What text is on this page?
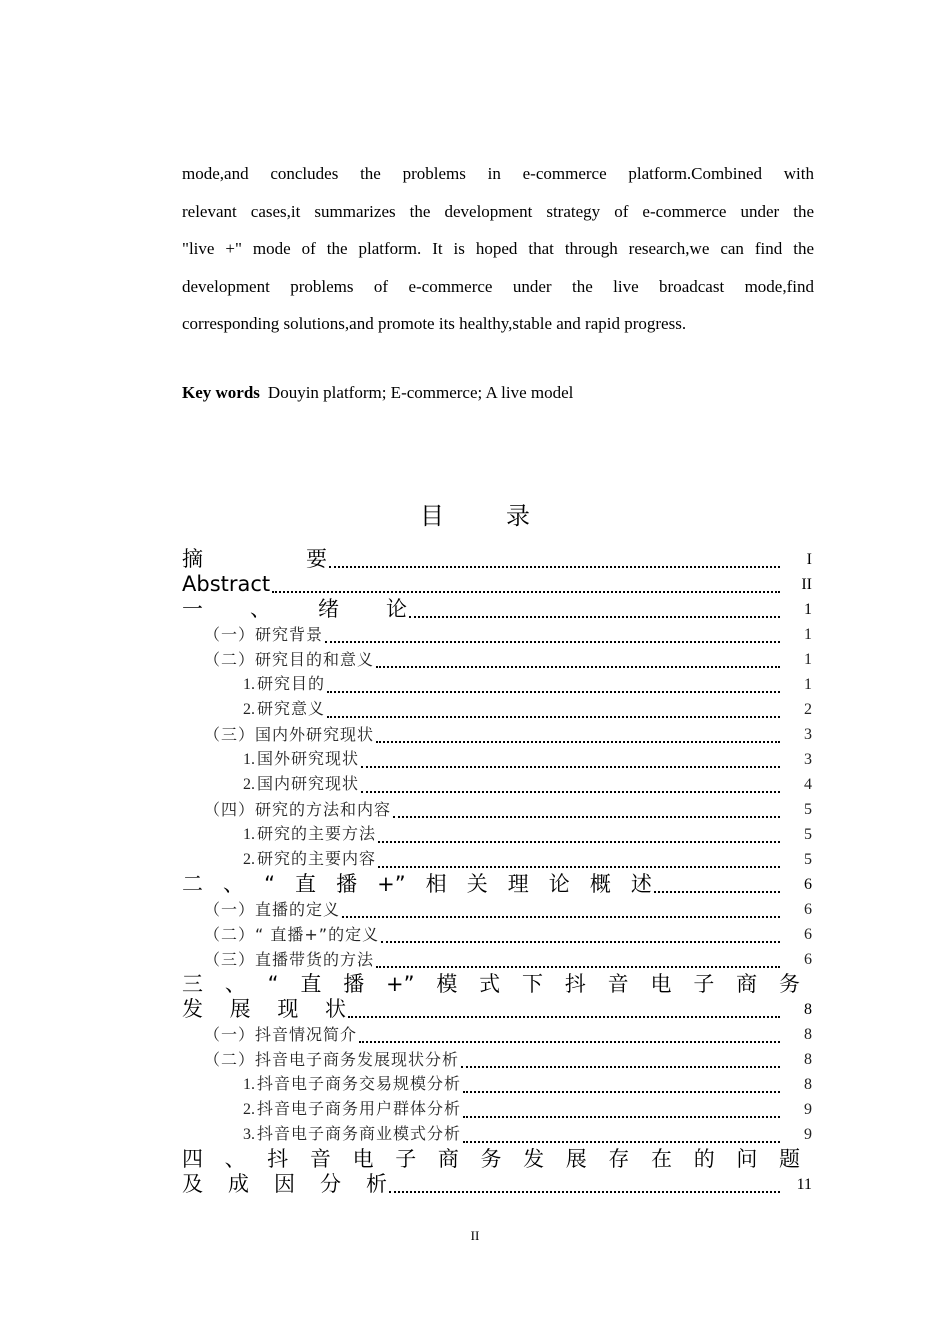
mode,and concludes the problems in e-commerce platform.Combined with
relevant cases,it summarizes the development strategy of e-commerce under the
"live +" mode of the platform. It is hoped that through research,we can find the
development problems of e-commerce under the live broadcast mode,find
corresponding solutions,and promote its healthy,stable and rapid progress.
Key words Douyin platform; E-commerce; A live model
目	录
摘	要	I
Abstract	II
一 、 绪 论	1
（一）研究背景	1
（二）研究目的和意义	1
1. 研究目的	1
2. 研究意义	2
（三）国内外研究现状	3
1. 国外研究现状	3
2. 国内研究现状	4
（四）研究的方法和内容	5
1. 研究的主要方法	5
2. 研究的主要内容	5
二 、 “ 直 播 +” 相 关 理 论 概 述	6
（一）直播的定义	6
（二）“ 直播+”的定义	6
（三）直播带货的方法	6
三 、 “ 直 播 +” 模 式 下 抖 音 电 子 商 务
发 展 现 状	8
（一）抖音情况简介	8
（二）抖音电子商务发展现状分析	8
1. 抖音电子商务交易规模分析	8
2. 抖音电子商务用户群体分析	9
3. 抖音电子商务商业模式分析	9
四 、 抖 音 电 子 商 务 发 展 存 在 的 问 题
及 成 因 分 析	11
II
